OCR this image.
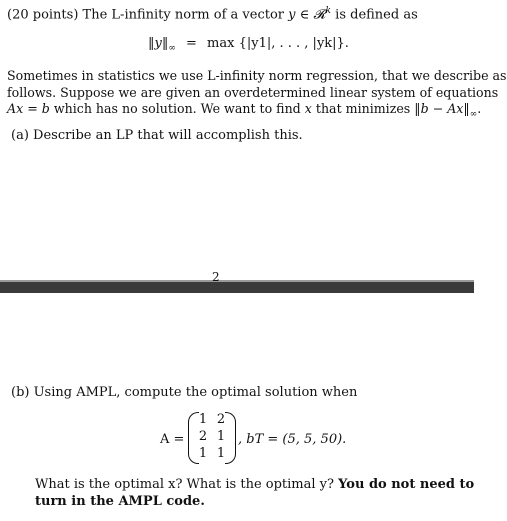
(20 points) The L-infinity norm of a vector y ∈ 𝓡$^k$ is defined as
$‖y‖_\infty = \max \{|y1|$, . . . , |yk|}.
Sometimes in statistics we use L-infinity norm regression, that we describe as
follows. Suppose we are given an overdetermined linear system of equations
Ax = b which has no solution. We want to find x that minimizes ‖b − $Ax‖_\infty$.
(a) Describe an LP that will accomplish this.
2
(b) Using AMPL, compute the optimal solution when
A =
1 2
2 1
1 1
, bT = (5, 5, 50).
What is the optimal x? What is the optimal y? You do not need to
turn in the AMPL code.
